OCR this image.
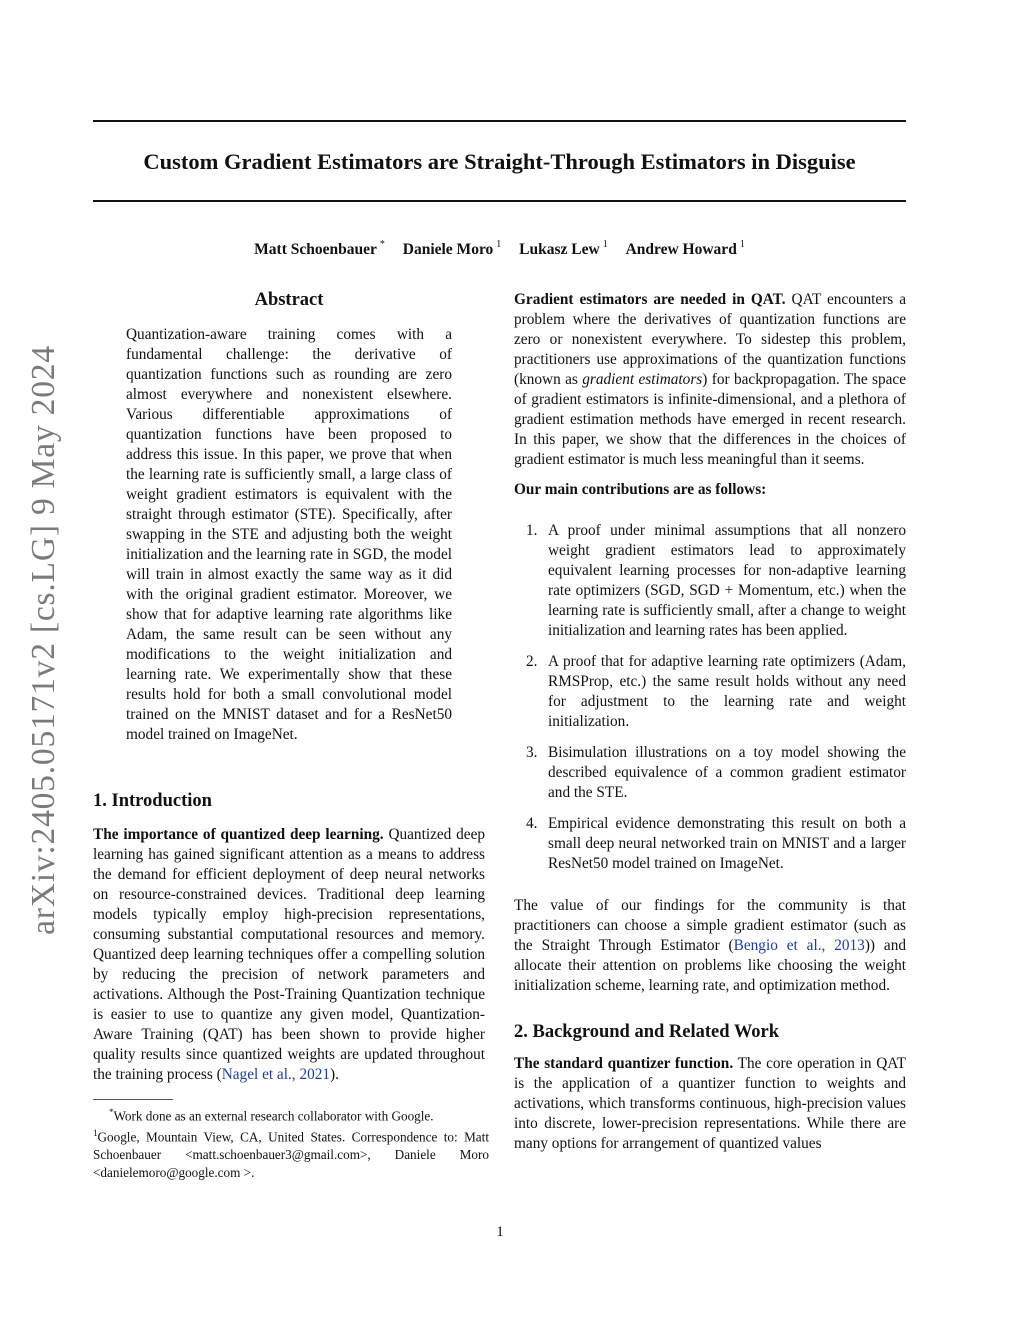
Custom Gradient Estimators are Straight-Through Estimators in Disguise
Matt Schoenbauer * Daniele Moro $^1$ Lukasz Lew $^1$ Andrew Howard $^1$
arXiv:2405.05171v2 [cs.LG] 9 May 2024
Abstract

Quantization-aware training comes with a fundamental challenge: the derivative of quantization functions such as rounding are zero almost everywhere and nonexistent elsewhere. Various differentiable approximations of quantization functions have been proposed to address this issue. In this paper, we prove that when the learning rate is sufficiently small, a large class of weight gradient estimators is equivalent with the straight through estimator (STE). Specifically, after swapping in the STE and adjusting both the weight initialization and the learning rate in SGD, the model will train in almost exactly the same way as it did with the original gradient estimator. Moreover, we show that for adaptive learning rate algorithms like Adam, the same result can be seen without any modifications to the weight initialization and learning rate. We experimentally show that these results hold for both a small convolutional model trained on the MNIST dataset and for a ResNet50 model trained on ImageNet.

1. Introduction

The importance of quantized deep learning. Quantized deep learning has gained significant attention as a means to address the demand for efficient deployment of deep neural networks on resource-constrained devices. Traditional deep learning models typically employ high-precision representations, consuming substantial computational resources and memory. Quantized deep learning techniques offer a compelling solution by reducing the precision of network parameters and activations. Although the Post-Training Quantization technique is easier to use to quantize any given model, Quantization-Aware Training (QAT) has been shown to provide higher quality results since quantized weights are updated throughout the training process (Nagel et al., 2021).

*Work done as an external research collaborator with Google.
$^1$Google, Mountain View, CA, United States. Correspondence to: Matt Schoenbauer <matt.schoenbauer3@gmail.com>, Daniele Moro <danielemoro@google.com >.

Gradient estimators are needed in QAT. QAT encounters a problem where the derivatives of quantization functions are zero or nonexistent everywhere. To sidestep this problem, practitioners use approximations of the quantization functions (known as gradient estimators) for backpropagation. The space of gradient estimators is infinite-dimensional, and a plethora of gradient estimation methods have emerged in recent research. In this paper, we show that the differences in the choices of gradient estimator is much less meaningful than it seems.

Our main contributions are as follows:

1. A proof under minimal assumptions that all nonzero weight gradient estimators lead to approximately equivalent learning processes for non-adaptive learning rate optimizers (SGD, SGD + Momentum, etc.) when the learning rate is sufficiently small, after a change to weight initialization and learning rates has been applied.
2. A proof that for adaptive learning rate optimizers (Adam, RMSProp, etc.) the same result holds without any need for adjustment to the learning rate and weight initialization.
3. Bisimulation illustrations on a toy model showing the described equivalence of a common gradient estimator and the STE.
4. Empirical evidence demonstrating this result on both a small deep neural networked train on MNIST and a larger ResNet50 model trained on ImageNet.

The value of our findings for the community is that practitioners can choose a simple gradient estimator (such as the Straight Through Estimator (Bengio et al., 2013)) and allocate their attention on problems like choosing the weight initialization scheme, learning rate, and optimization method.

2. Background and Related Work

The standard quantizer function. The core operation in QAT is the application of a quantizer function to weights and activations, which transforms continuous, high-precision values into discrete, lower-precision representations. While there are many options for arrangement of quantized values

1
